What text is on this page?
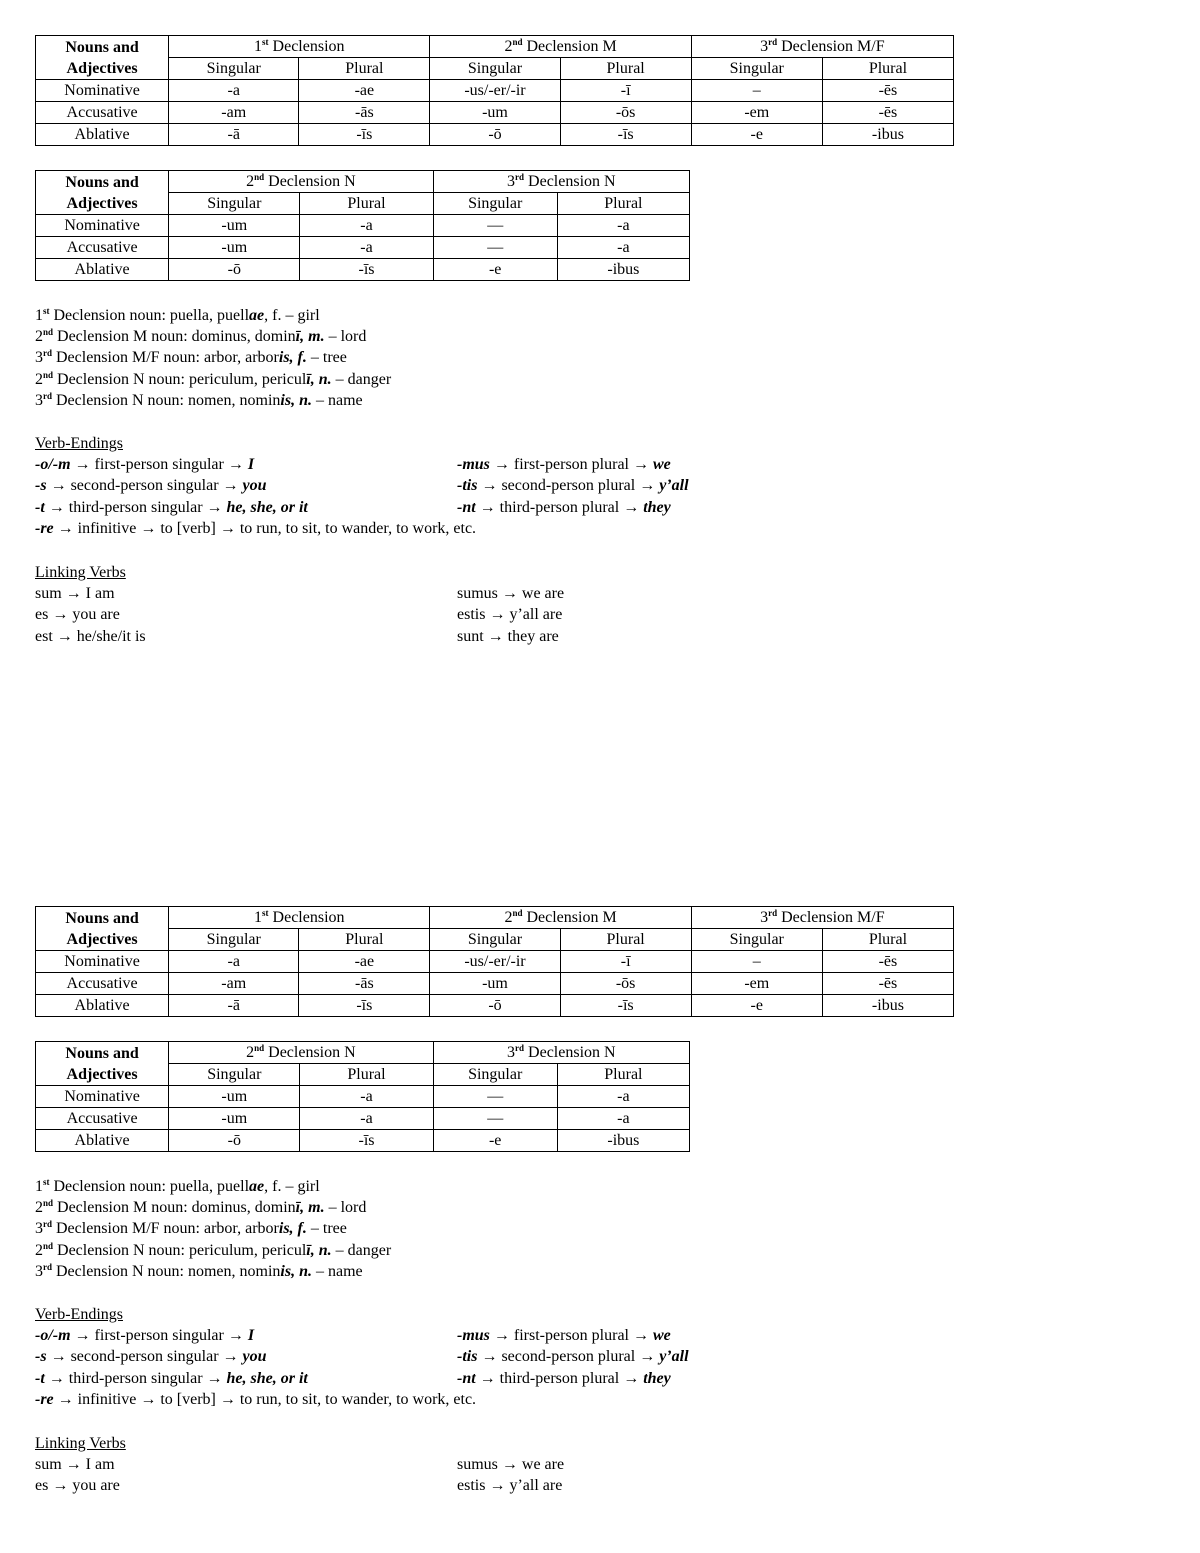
Nouns and
Adjectives	1st Declension		2nd Declension M		3rd Declension M/F	
	Singular	Plural	Singular	Plural	Singular	Plural
Nominative	-a	-ae	-us/-er/-ir	-ī	–	-ēs
Accusative	-am	-ās	-um	-ōs	-em	-ēs
Ablative	-ā	-īs	-ō	-īs	-e	-ibus
Nouns and
Adjectives	2nd Declension N		3rd Declension N	
	Singular	Plural	Singular	Plural
Nominative	-um	-a	—	-a
Accusative	-um	-a	—	-a
Ablative	-ō	-īs	-e	-ibus
1st Declension noun: puella, puellae, f. – girl
2nd Declension M noun: dominus, dominī, m. – lord
3rd Declension M/F noun: arbor, arboris, f. – tree
2nd Declension N noun: periculum, periculī, n. – danger
3rd Declension N noun: nomen, nominis, n. – name
Verb-Endings
-o/-m → first-person singular → I	-mus → first-person plural → we
-s → second-person singular → you	-tis → second-person plural → y’all
-t → third-person singular → he, she, or it	-nt → third-person plural → they
-re → infinitive → to [verb] → to run, to sit, to wander, to work, etc.
Linking Verbs
sum → I am	sumus → we are
es → you are	estis → y’all are
est → he/she/it is	sunt → they are
Nouns and
Adjectives	1st Declension		2nd Declension M		3rd Declension M/F	
	Singular	Plural	Singular	Plural	Singular	Plural
Nominative	-a	-ae	-us/-er/-ir	-ī	–	-ēs
Accusative	-am	-ās	-um	-ōs	-em	-ēs
Ablative	-ā	-īs	-ō	-īs	-e	-ibus
Nouns and
Adjectives	2nd Declension N		3rd Declension N	
	Singular	Plural	Singular	Plural
Nominative	-um	-a	—	-a
Accusative	-um	-a	—	-a
Ablative	-ō	-īs	-e	-ibus
1st Declension noun: puella, puellae, f. – girl
2nd Declension M noun: dominus, dominī, m. – lord
3rd Declension M/F noun: arbor, arboris, f. – tree
2nd Declension N noun: periculum, periculī, n. – danger
3rd Declension N noun: nomen, nominis, n. – name
Verb-Endings
-o/-m → first-person singular → I	-mus → first-person plural → we
-s → second-person singular → you	-tis → second-person plural → y’all
-t → third-person singular → he, she, or it	-nt → third-person plural → they
-re → infinitive → to [verb] → to run, to sit, to wander, to work, etc.
Linking Verbs
sum → I am	sumus → we are
es → you are	estis → y’all are
